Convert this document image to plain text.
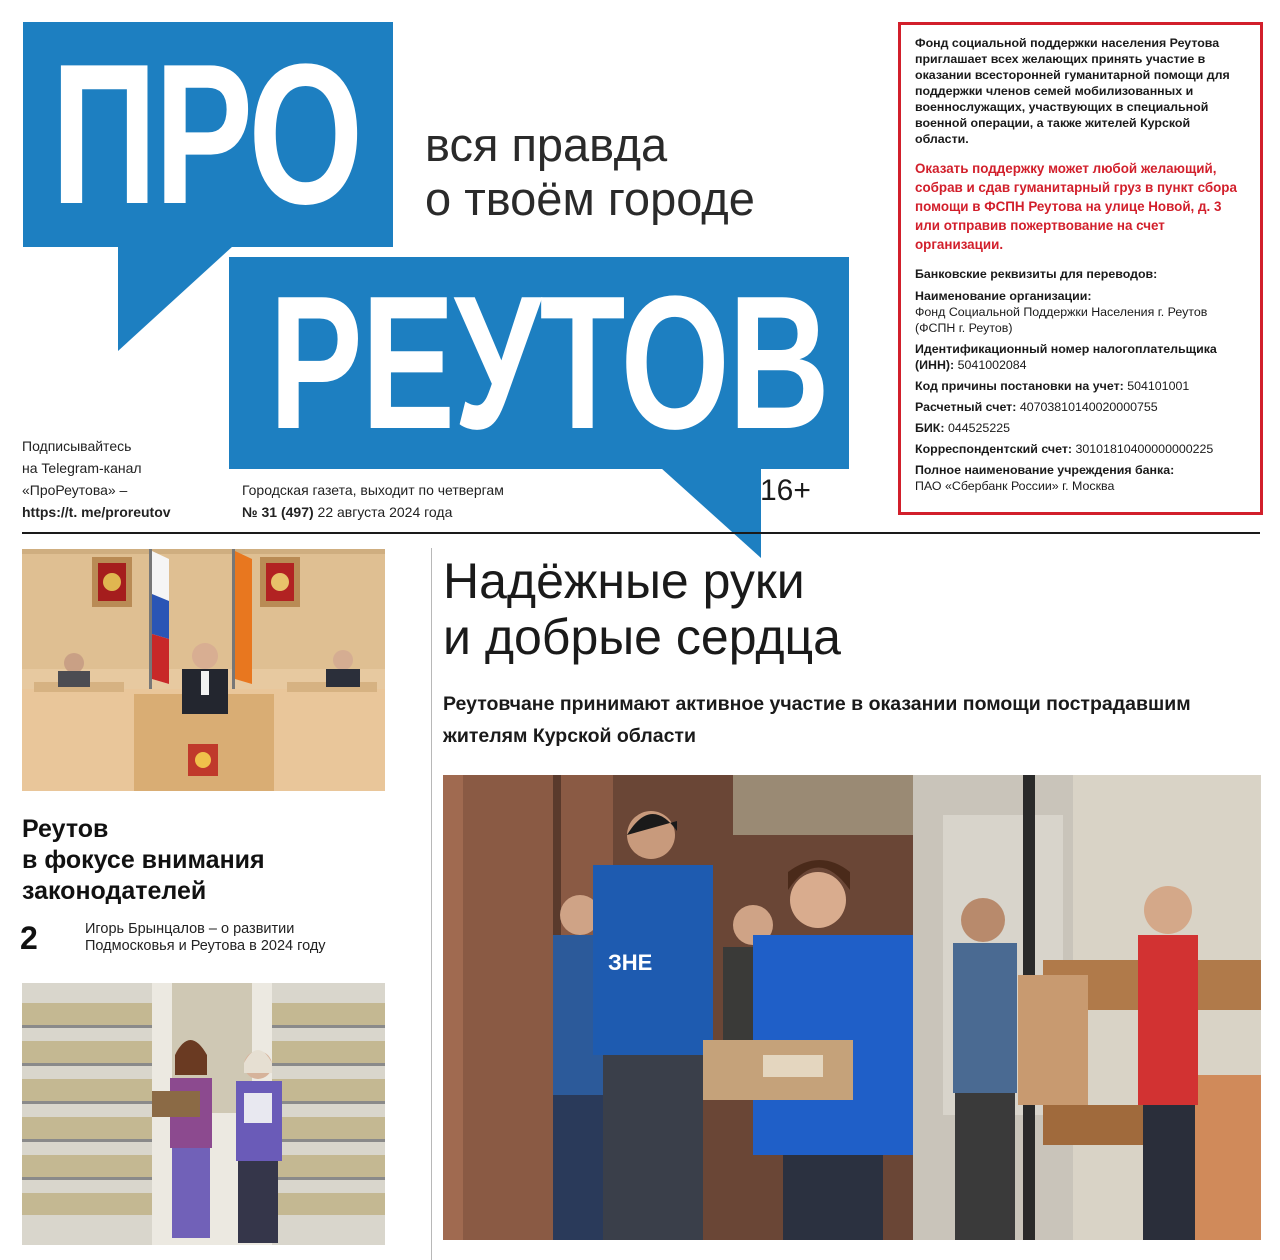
ПРО вся правда
о твоём городе
РЕУТОВ
Подписывайтесь
на Telegram-канал
«ПроРеутова» –
https://t. me/proreutov
Городская газета, выходит по четвергам
№ 31 (497) 22 августа 2024 года
16+

Фонд социальной поддержки населения Реутова приглашает всех желающих принять участие в оказании всесторонней гуманитарной помощи для поддержки членов семей мобилизованных и военнослужащих, участвующих в специальной военной операции, а также жителей Курской области.

Оказать поддержку может любой желающий, собрав и сдав гуманитарный груз в пункт сбора помощи в ФСПН Реутова на улице Новой, д. 3 или отправив пожертвование на счет организации.

Банковские реквизиты для переводов:
Наименование организации:
Фонд Социальной Поддержки Населения г. Реутов (ФСПН г. Реутов)
Идентификационный номер налогоплательщика (ИНН): 5041002084
Код причины постановки на учет: 504101001
Расчетный счет: 40703810140020000755
БИК: 044525225
Корреспондентский счет: 30101810400000000225
Полное наименование учреждения банка:
ПАО «Сбербанк России» г. Москва
Реутов
в фокусе внимания
законодателей
2	Игорь Брынцалов – о развитии Подмосковья и Реутова в 2024 году
Надёжные руки
и добрые сердца
Реутовчане принимают активное участие в оказании помощи пострадавшим жителям Курской области
ЗНЕ
